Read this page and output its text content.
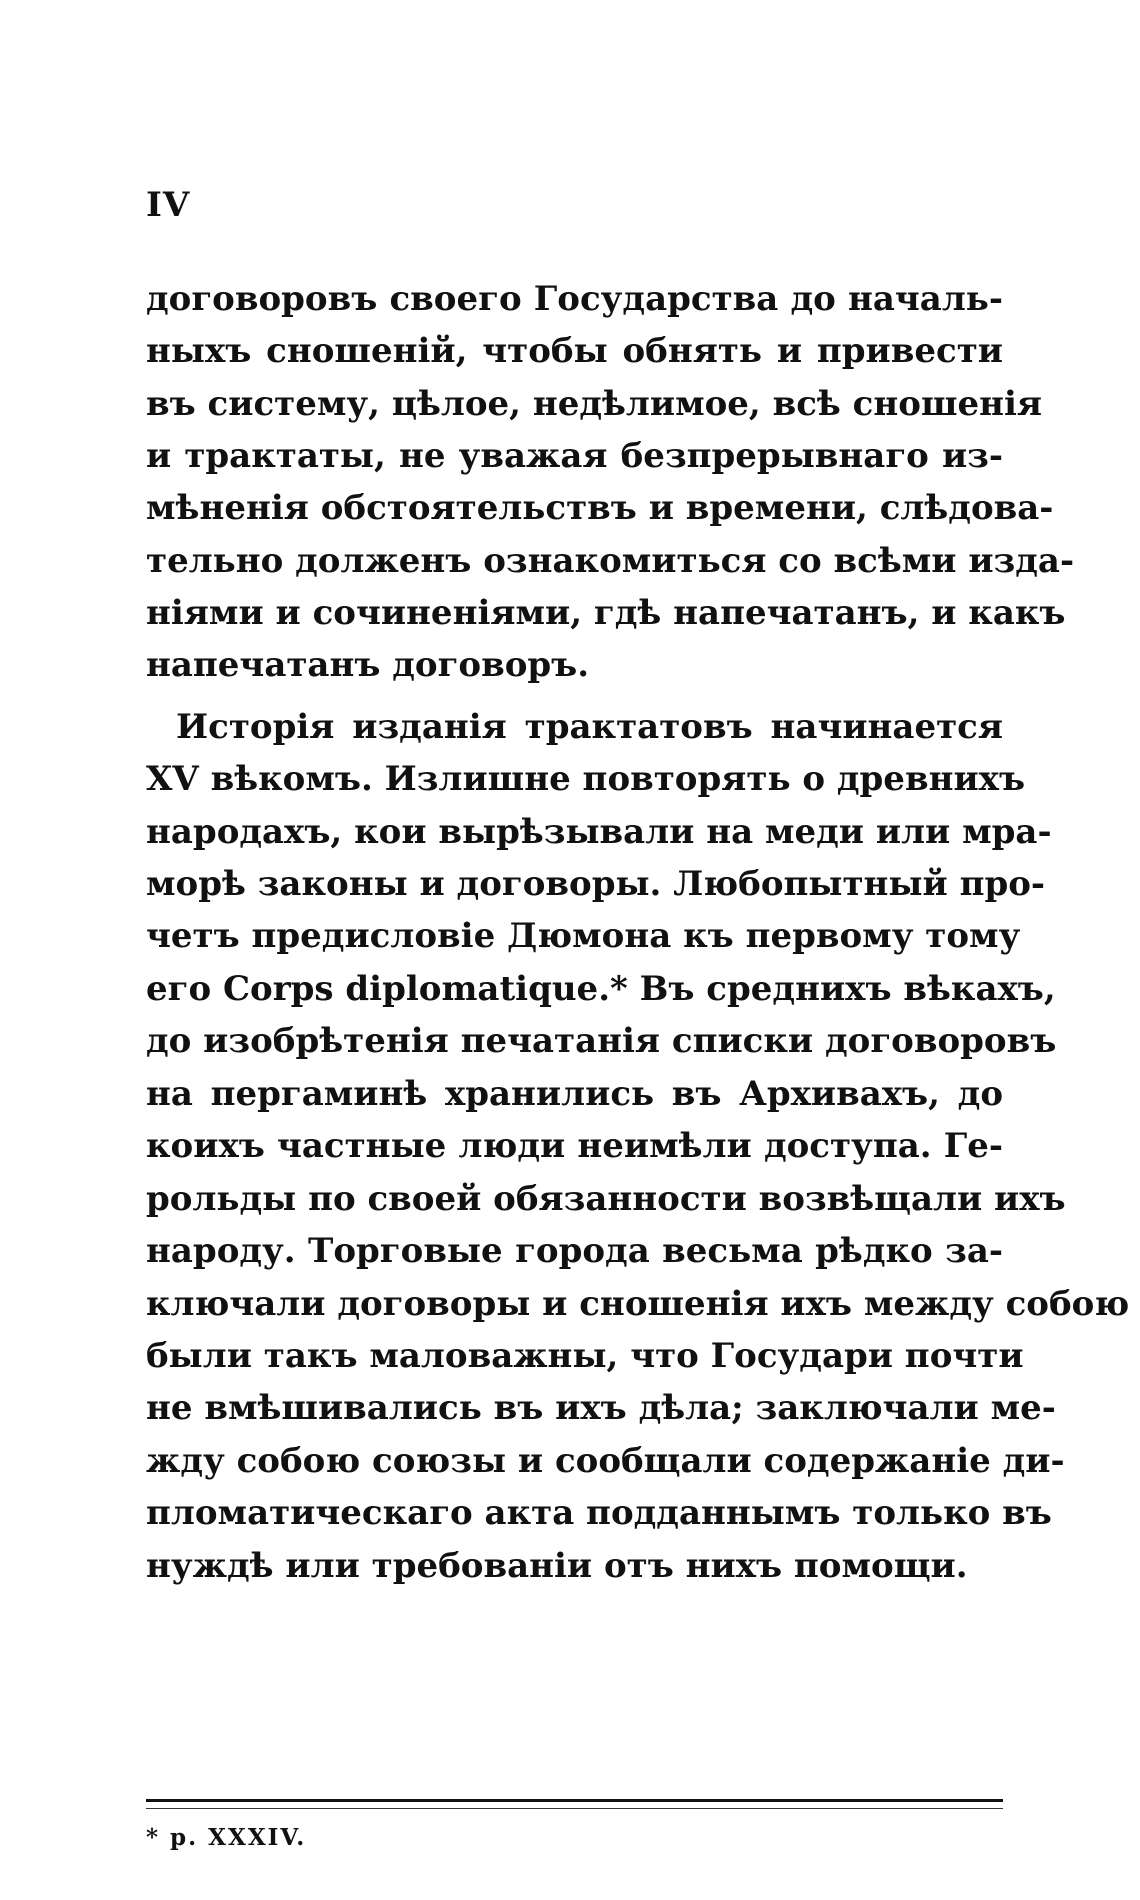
IV
договоровъ своего Государства до началь-
ныхъ сношеній, чтобы обнять и привести
въ систему, цѣлое, недѣлимое, всѣ сношенія
и трактаты, не уважая безпрерывнаго из-
мѣненія обстоятельствъ и времени, слѣдова-
тельно долженъ ознакомиться со всѣми изда-
ніями и сочиненіями, гдѣ напечатанъ, и какъ
напечатанъ договоръ.
Исторія изданія трактатовъ начинается
XV вѣкомъ. Излишне повторять о древнихъ
народахъ, кои вырѣзывали на меди или мра-
морѣ законы и договоры. Любопытный про-
четъ предисловіе Дюмона къ первому тому
его Corps diplomatique.* Въ среднихъ вѣкахъ,
до изобрѣтенія печатанія списки договоровъ
на пергаминѣ хранились въ Архивахъ, до
коихъ частные люди неимѣли доступа. Ге-
рольды по своей обязанности возвѣщали ихъ
народу. Торговые города весьма рѣдко за-
ключали договоры и сношенія ихъ между собою
были такъ маловажны, что Государи почти
не вмѣшивались въ ихъ дѣла; заключали ме-
жду собою союзы и сообщали содержаніе ди-
пломатическаго акта подданнымъ только въ
нуждѣ или требованіи отъ нихъ помощи.
* p. XXXIV.
